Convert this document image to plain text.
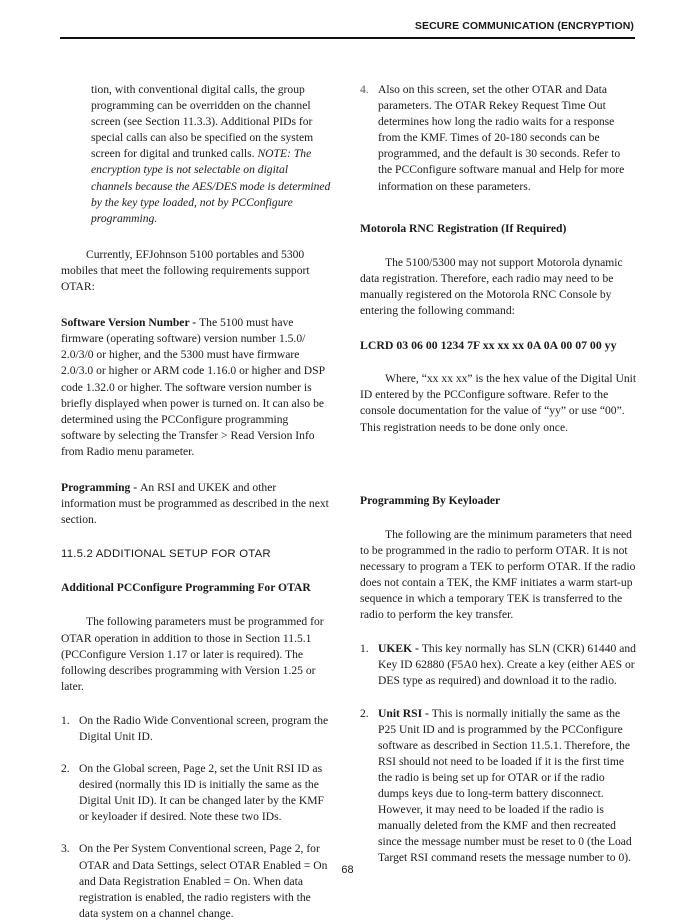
SECURE COMMUNICATION (ENCRYPTION)

tion, with conventional digital calls, the group programming can be overridden on the channel screen (see Section 11.3.3). Additional PIDs for special calls can also be specified on the system screen for digital and trunked calls. NOTE: The encryption type is not selectable on digital channels because the AES/DES mode is determined by the key type loaded, not by PCConfigure programming.

Currently, EFJohnson 5100 portables and 5300 mobiles that meet the following requirements support OTAR:

Software Version Number - The 5100 must have firmware (operating software) version number 1.5.0/ 2.0/3/0 or higher, and the 5300 must have firmware 2.0/3.0 or higher or ARM code 1.16.0 or higher and DSP code 1.32.0 or higher. The software version number is briefly displayed when power is turned on. It can also be determined using the PCConfigure programming software by selecting the Transfer > Read Version Info from Radio menu parameter.

Programming - An RSI and UKEK and other information must be programmed as described in the next section.

11.5.2 ADDITIONAL SETUP FOR OTAR

Additional PCConfigure Programming For OTAR

The following parameters must be programmed for OTAR operation in addition to those in Section 11.5.1 (PCConfigure Version 1.17 or later is required). The following describes programming with Version 1.25 or later.

1. On the Radio Wide Conventional screen, program the Digital Unit ID.
2. On the Global screen, Page 2, set the Unit RSI ID as desired (normally this ID is initially the same as the Digital Unit ID). It can be changed later by the KMF or keyloader if desired. Note these two IDs.
3. On the Per System Conventional screen, Page 2, for OTAR and Data Settings, select OTAR Enabled = On and Data Registration Enabled = On. When data registration is enabled, the radio registers with the data system on a channel change.
4. Also on this screen, set the other OTAR and Data parameters. The OTAR Rekey Request Time Out determines how long the radio waits for a response from the KMF. Times of 20-180 seconds can be programmed, and the default is 30 seconds. Refer to the PCConfigure software manual and Help for more information on these parameters.

Motorola RNC Registration (If Required)

The 5100/5300 may not support Motorola dynamic data registration. Therefore, each radio may need to be manually registered on the Motorola RNC Console by entering the following command:

LCRD 03 06 00 1234 7F xx xx xx 0A 0A 00 07 00 yy

Where, “xx xx xx” is the hex value of the Digital Unit ID entered by the PCConfigure software. Refer to the console documentation for the value of “yy” or use “00”. This registration needs to be done only once.

Programming By Keyloader

The following are the minimum parameters that need to be programmed in the radio to perform OTAR. It is not necessary to program a TEK to perform OTAR. If the radio does not contain a TEK, the KMF initiates a warm start-up sequence in which a temporary TEK is transferred to the radio to perform the key transfer.

1. UKEK - This key normally has SLN (CKR) 61440 and Key ID 62880 (F5A0 hex). Create a key (either AES or DES type as required) and download it to the radio.
2. Unit RSI - This is normally initially the same as the P25 Unit ID and is programmed by the PCConfigure software as described in Section 11.5.1. Therefore, the RSI should not need to be loaded if it is the first time the radio is being set up for OTAR or if the radio dumps keys due to long-term battery disconnect. However, it may need to be loaded if the radio is manually deleted from the KMF and then recreated since the message number must be reset to 0 (the Load Target RSI command resets the message number to 0).
68
